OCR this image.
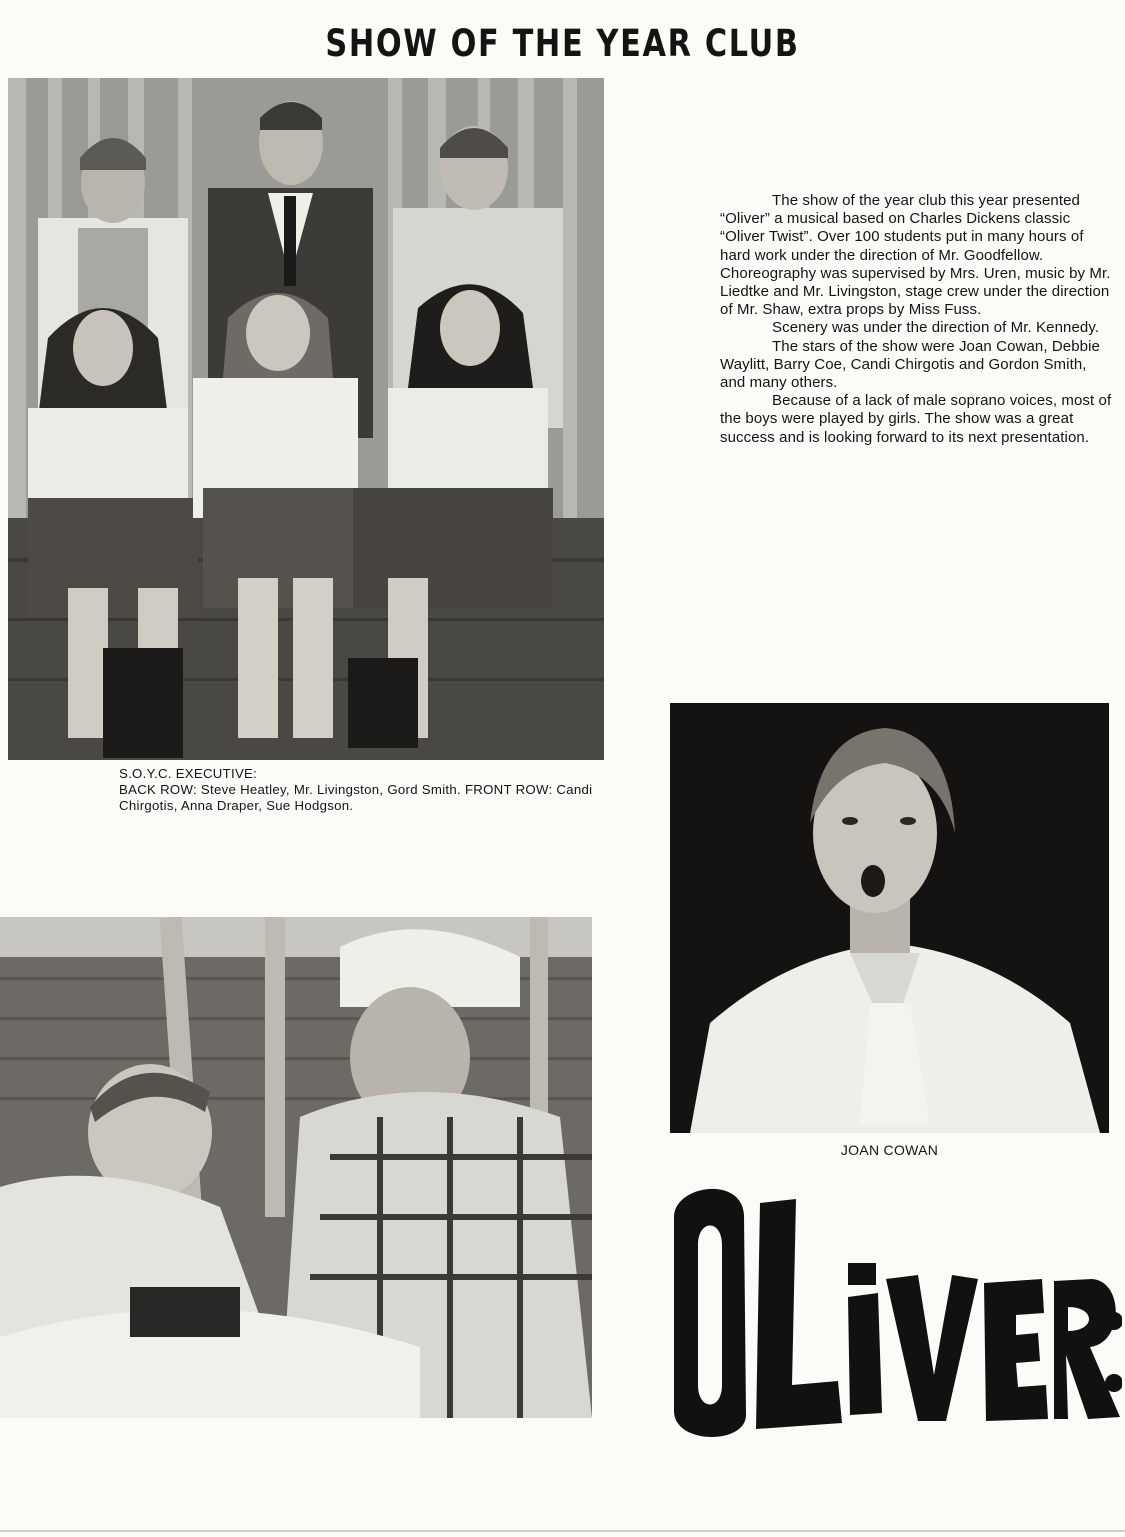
SHOW OF THE YEAR CLUB
S.O.Y.C. EXECUTIVE:
BACK ROW: Steve Heatley, Mr. Livingston, Gord Smith. FRONT ROW: Candi Chirgotis, Anna Draper, Sue Hodgson.

The show of the year club this year presented “Oliver” a musical based on Charles Dickens classic “Oliver Twist”. Over 100 students put in many hours of hard work under the direction of Mr. Goodfellow. Choreography was supervised by Mrs. Uren, music by Mr. Liedtke and Mr. Livingston, stage crew under the direction of Mr. Shaw, extra props by Miss Fuss.

Scenery was under the direction of Mr. Kennedy.

The stars of the show were Joan Cowan, Debbie Waylitt, Barry Coe, Candi Chirgotis and Gordon Smith, and many others.

Because of a lack of male soprano voices, most of the boys were played by girls. The show was a great success and is looking forward to its next presentation.

JOAN COWAN
